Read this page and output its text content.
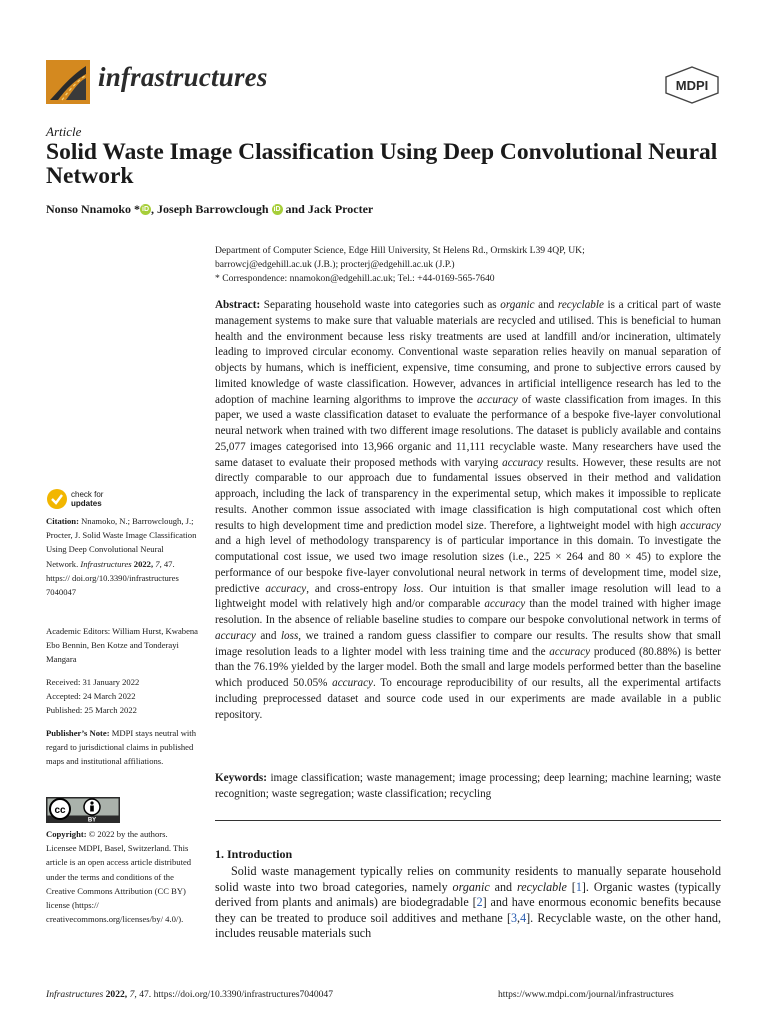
infrastructures	MDPI
Article
Solid Waste Image Classification Using Deep Convolutional Neural Network
Nonso Nnamoko * iD , Joseph Barrowclough iD and Jack Procter
Department of Computer Science, Edge Hill University, St Helens Rd., Ormskirk L39 4QP, UK;
barrowcj@edgehill.ac.uk (J.B.); procterj@edgehill.ac.uk (J.P.)
* Correspondence: nnamokon@edgehill.ac.uk; Tel.: +44-0169-565-7640
Abstract: Separating household waste into categories such as organic and recyclable is a critical part of waste management systems to make sure that valuable materials are recycled and utilised. This is beneficial to human health and the environment because less risky treatments are used at landfill and/or incineration, ultimately leading to improved circular economy. Conventional waste separation relies heavily on manual separation of objects by humans, which is inefficient, expensive, time consuming, and prone to subjective errors caused by limited knowledge of waste classification. However, advances in artificial intelligence research has led to the adoption of machine learning algorithms to improve the accuracy of waste classification from images. In this paper, we used a waste classification dataset to evaluate the performance of a bespoke five-layer convolutional neural network when trained with two different image resolutions. The dataset is publicly available and contains 25,077 images categorised into 13,966 organic and 11,111 recyclable waste. Many researchers have used the same dataset to evaluate their proposed methods with varying accuracy results. However, these results are not directly comparable to our approach due to fundamental issues observed in their method and validation approach, including the lack of transparency in the experimental setup, which makes it impossible to replicate results. Another common issue associated with image classification is high computational cost which often results to high development time and prediction model size. Therefore, a lightweight model with high accuracy and a high level of methodology transparency is of particular importance in this domain. To investigate the computational cost issue, we used two image resolution sizes (i.e., 225 × 264 and 80 × 45) to explore the performance of our bespoke five-layer convolutional neural network in terms of development time, model size, predictive accuracy, and cross-entropy loss. Our intuition is that smaller image resolution will lead to a lightweight model with relatively high and/or comparable accuracy than the model trained with higher image resolution. In the absence of reliable baseline studies to compare our bespoke convolutional network in terms of accuracy and loss, we trained a random guess classifier to compare our results. The results show that small image resolution leads to a lighter model with less training time and the accuracy produced (80.88%) is better than the 76.19% yielded by the larger model. Both the small and large models performed better than the baseline which produced 50.05% accuracy. To encourage reproducibility of our results, all the experimental artifacts including preprocessed dataset and source code used in our experiments are made available in a public repository.
Keywords: image classification; waste management; image processing; deep learning; machine learning; waste recognition; waste segregation; waste classification; recycling
check for
updates
Citation: Nnamoko, N.; Barrowclough, J.; Procter, J. Solid Waste Image Classification Using Deep Convolutional Neural Network. Infrastructures 2022, 7, 47. https:// doi.org/10.3390/infrastructures 7040047
Academic Editors: William Hurst, Kwabena Ebo Bennin, Ben Kotze and Tonderayi Mangara
Received: 31 January 2022
Accepted: 24 March 2022
Published: 25 March 2022
Publisher’s Note: MDPI stays neutral with regard to jurisdictional claims in published maps and institutional affiliations.
cc
BY
Copyright: © 2022 by the authors. Licensee MDPI, Basel, Switzerland. This article is an open access article distributed under the terms and conditions of the Creative Commons Attribution (CC BY) license (https:// creativecommons.org/licenses/by/ 4.0/).
1. Introduction

Solid waste management typically relies on community residents to manually separate household solid waste into two broad categories, namely organic and recyclable [1]. Organic wastes (typically derived from plants and animals) are biodegradable [2] and have enormous economic benefits because they can be treated to produce soil additives and methane [3,4]. Recyclable waste, on the other hand, includes reusable materials such

Infrastructures 2022, 7, 47. https://doi.org/10.3390/infrastructures7040047	https://www.mdpi.com/journal/infrastructures
